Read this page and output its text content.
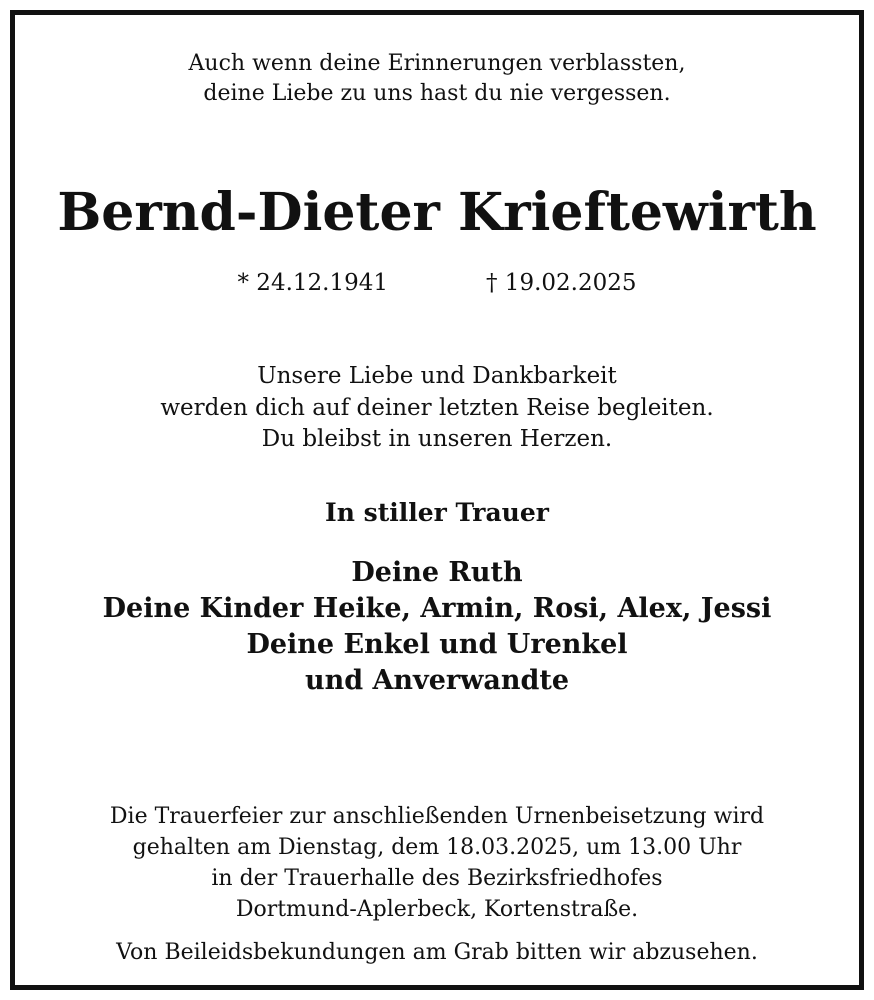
Auch wenn deine Erinnerungen verblassten,
deine Liebe zu uns hast du nie vergessen.
Bernd-Dieter Krieftewirth
* 24.12.1941	† 19.02.2025
Unsere Liebe und Dankbarkeit
werden dich auf deiner letzten Reise begleiten.
Du bleibst in unseren Herzen.
In stiller Trauer
Deine Ruth
Deine Kinder Heike, Armin, Rosi, Alex, Jessi
Deine Enkel und Urenkel
und Anverwandte
Die Trauerfeier zur anschließenden Urnenbeisetzung wird
gehalten am Dienstag, dem 18.03.2025, um 13.00 Uhr
in der Trauerhalle des Bezirksfriedhofes
Dortmund-Aplerbeck, Kortenstraße.
Von Beileidsbekundungen am Grab bitten wir abzusehen.
